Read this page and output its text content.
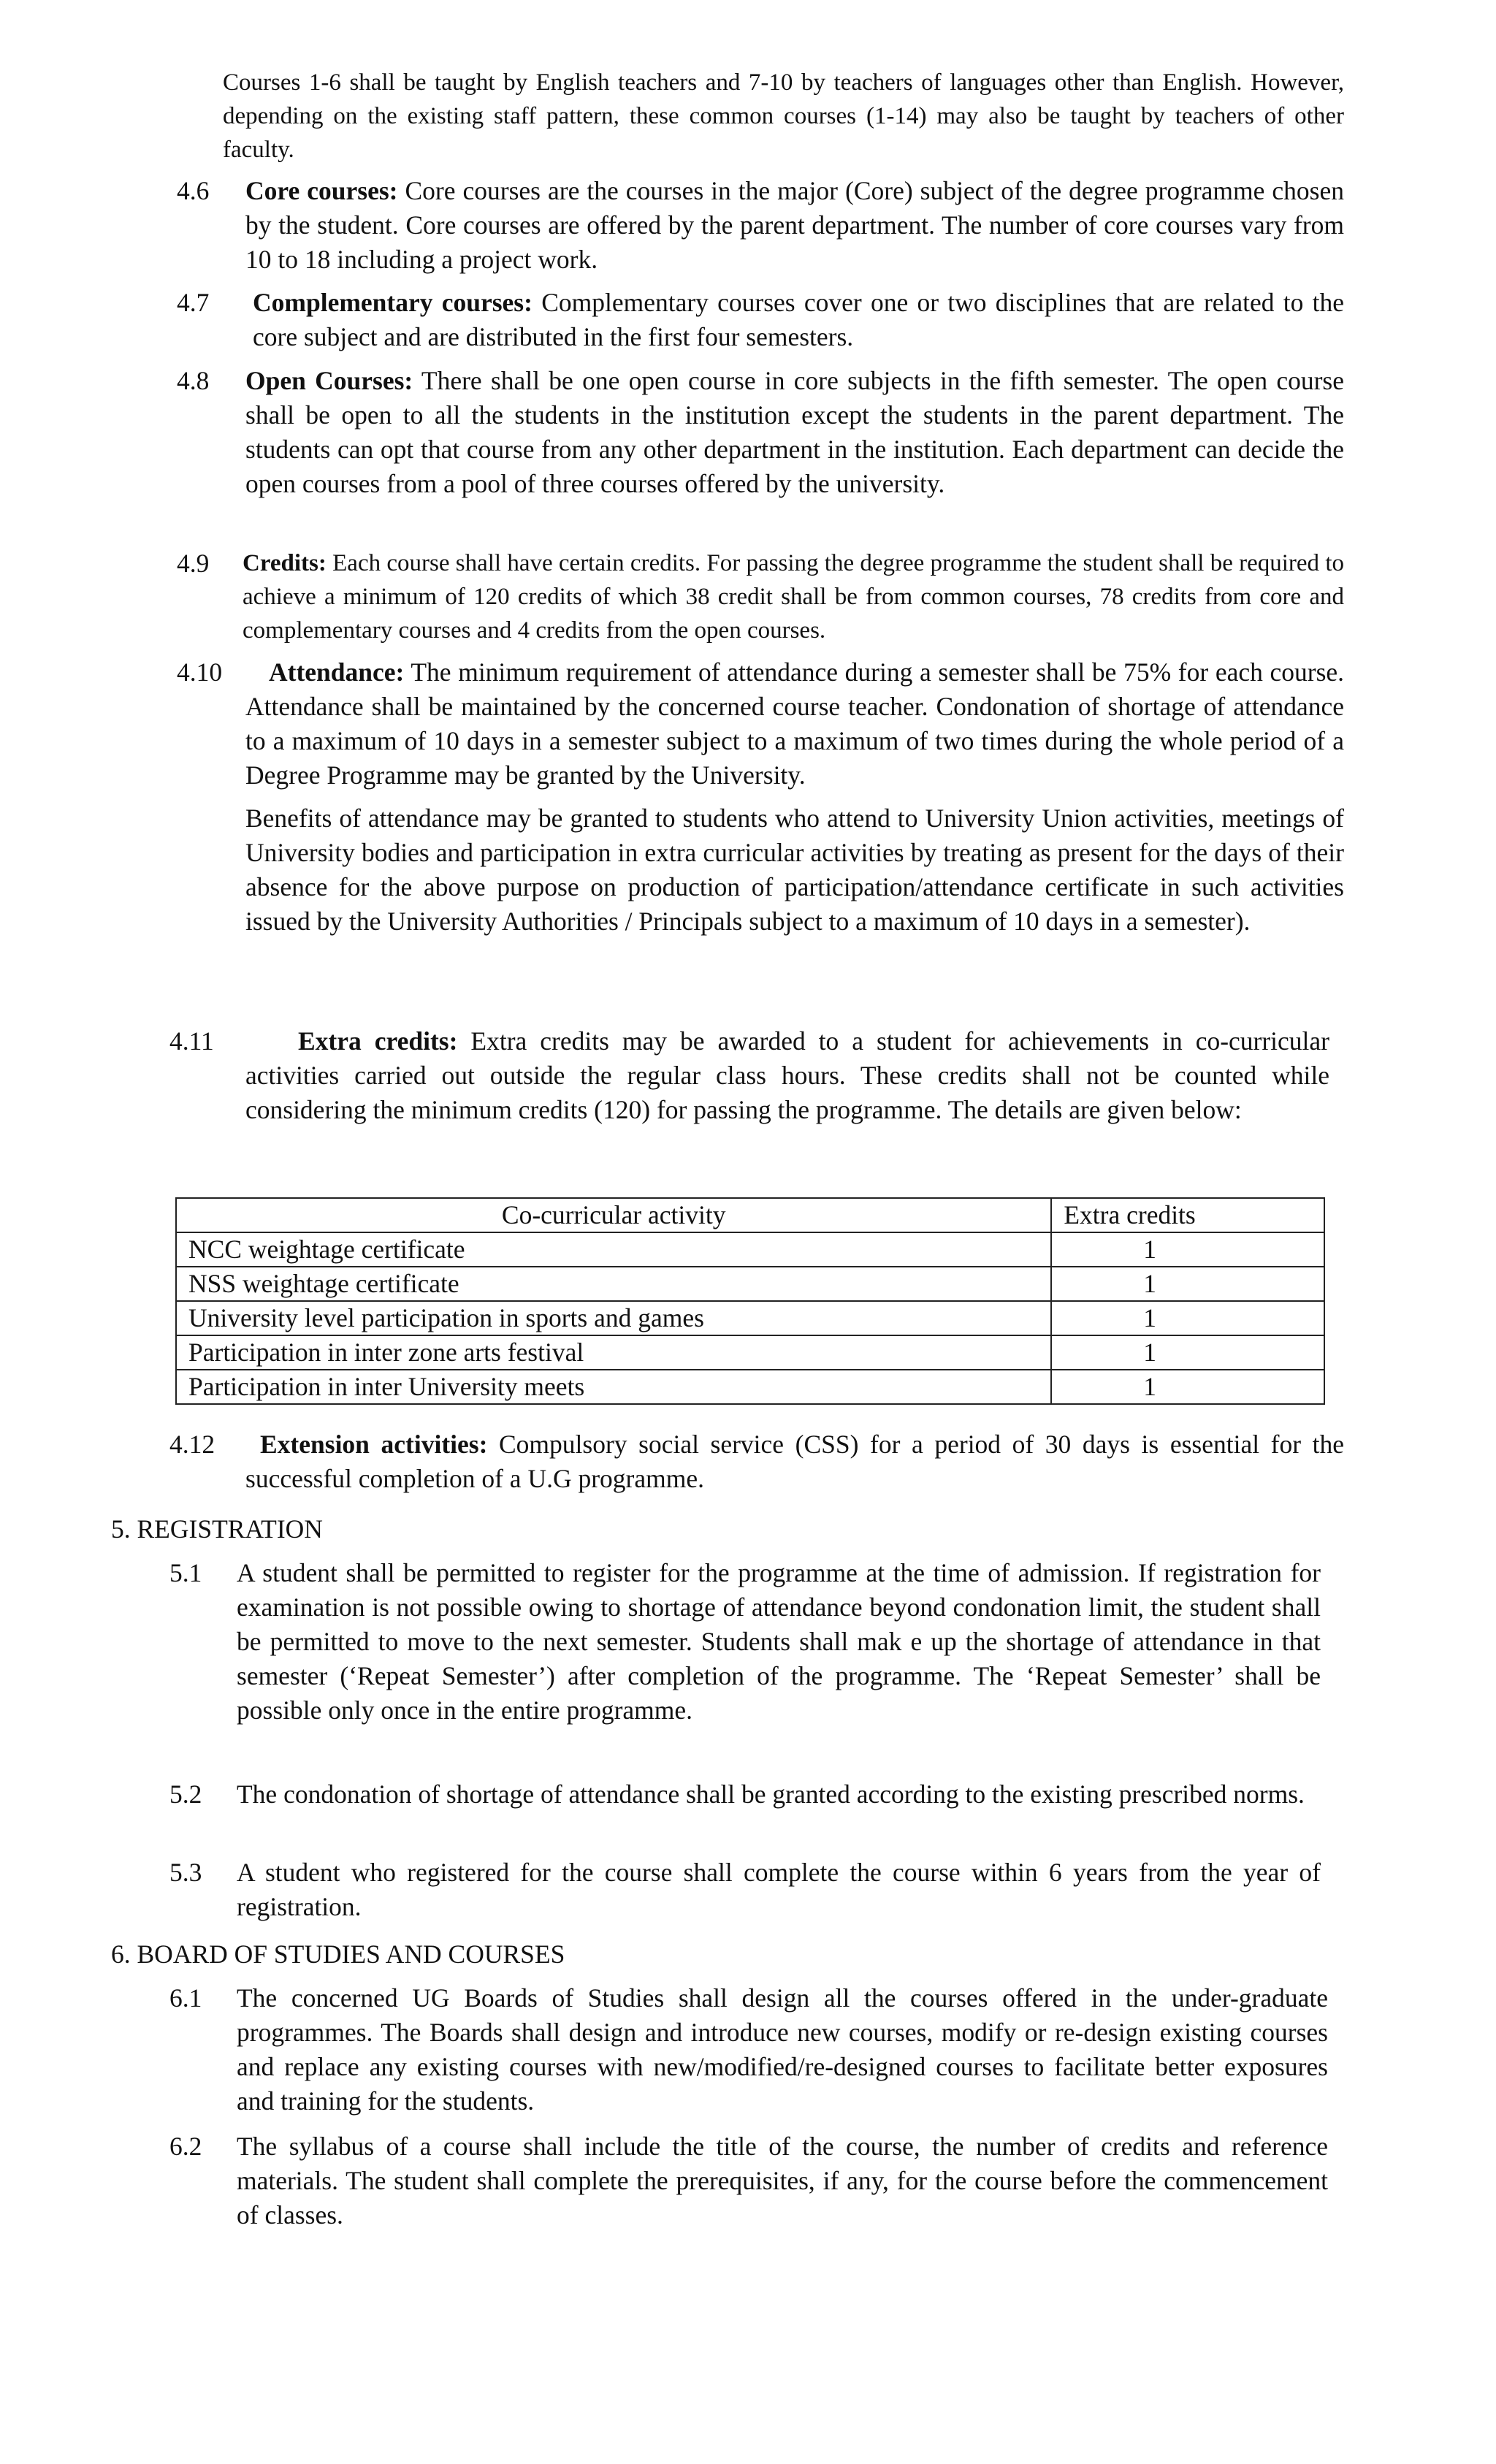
Courses 1-6 shall be taught by English teachers and 7-10 by teachers of languages other than English. However, depending on the existing staff pattern, these common courses (1-14) may also be taught by teachers of other faculty.

4.6 Core courses: Core courses are the courses in the major (Core) subject of the degree programme chosen by the student. Core courses are offered by the parent department. The number of core courses vary from 10 to 18 including a project work.
4.7 Complementary courses: Complementary courses cover one or two disciplines that are related to the core subject and are distributed in the first four semesters.
4.8 Open Courses: There shall be one open course in core subjects in the fifth semester. The open course shall be open to all the students in the institution except the students in the parent department. The students can opt that course from any other department in the institution. Each department can decide the open courses from a pool of three courses offered by the university.
4.9 Credits: Each course shall have certain credits. For passing the degree programme the student shall be required to achieve a minimum of 120 credits of which 38 credit shall be from common courses, 78 credits from core and complementary courses and 4 credits from the open courses.
4.10	Attendance: The minimum requirement of attendance during a semester shall be 75% for each course. Attendance shall be maintained by the concerned course teacher. Condonation of shortage of attendance to a maximum of 10 days in a semester subject to a maximum of two times during the whole period of a Degree Programme may be granted by the University.

Benefits of attendance may be granted to students who attend to University Union activities, meetings of University bodies and participation in extra curricular activities by treating as present for the days of their absence for the above purpose on production of participation/attendance certificate in such activities issued by the University Authorities / Principals subject to a maximum of 10 days in a semester).

4.11	Extra credits: Extra credits may be awarded to a student for achievements in co-curricular activities carried out outside the regular class hours. These credits shall not be counted while considering the minimum credits (120) for passing the programme. The details are given below:
Co-curricular activity	Extra credits
NCC weightage certificate	1
NSS weightage certificate	1
University level participation in sports and games	1
Participation in inter zone arts festival	1
Participation in inter University meets	1
4.12	Extension activities: Compulsory social service (CSS) for a period of 30 days is essential for the successful completion of a U.G programme.
5. REGISTRATION
5.1 A student shall be permitted to register for the programme at the time of admission. If registration for examination is not possible owing to shortage of attendance beyond condonation limit, the student shall be permitted to move to the next semester. Students shall mak e up the shortage of attendance in that semester (‘Repeat Semester’) after completion of the programme. The ‘Repeat Semester’ shall be possible only once in the entire programme.
5.2 The condonation of shortage of attendance shall be granted according to the existing prescribed norms.
5.3 A student who registered for the course shall complete the course within 6 years from the year of registration.
6. BOARD OF STUDIES AND COURSES
6.1 The concerned UG Boards of Studies shall design all the courses offered in the under-graduate programmes. The Boards shall design and introduce new courses, modify or re-design existing courses and replace any existing courses with new/modified/re-designed courses to facilitate better exposures and training for the students.
6.2 The syllabus of a course shall include the title of the course, the number of credits and reference materials. The student shall complete the prerequisites, if any, for the course before the commencement of classes.
